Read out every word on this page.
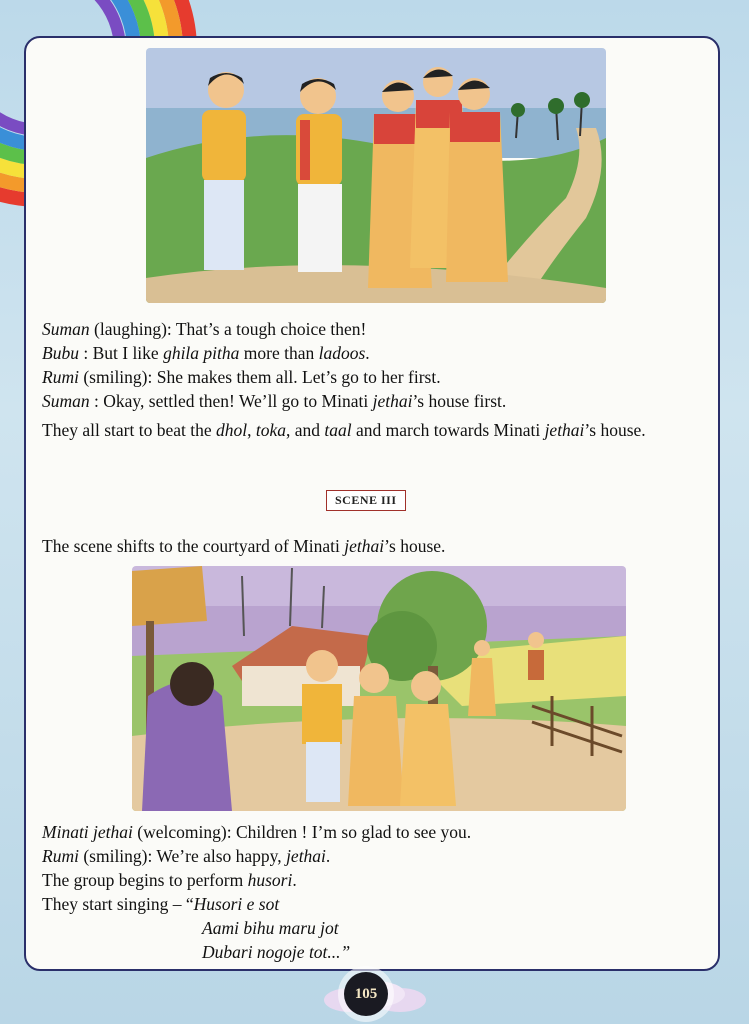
Suman (laughing): That’s a tough choice then!
Bubu : But I like ghila pitha more than ladoos.
Rumi (smiling): She makes them all. Let’s go to her first.
Suman : Okay, settled then! We’ll go to Minati jethai’s house first.
They all start to beat the dhol, toka, and taal and march towards Minati jethai’s house.
SCENE III
The scene shifts to the courtyard of Minati jethai’s house.
Minati jethai (welcoming): Children ! I’m so glad to see you.
Rumi (smiling): We’re also happy, jethai.
The group begins to perform husori.
They start singing – “Husori e sot
Aami bihu maru jot
Dubari nogoje tot...”
105
